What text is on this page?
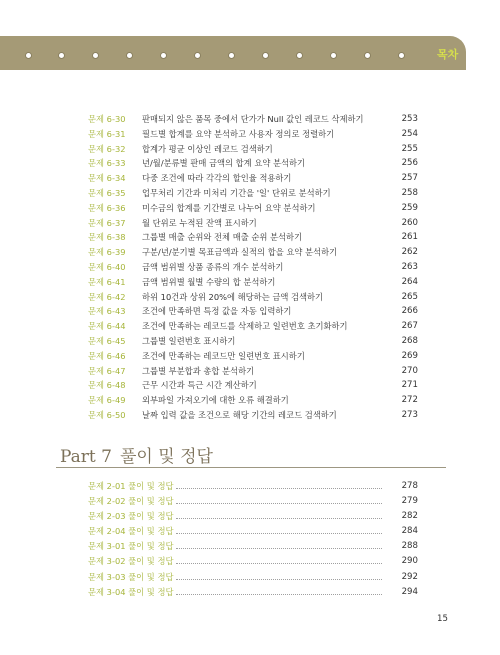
목차
문제 6-30 판매되지 않은 품목 중에서 단가가 Null 값인 레코드 삭제하기	253
문제 6-31 필드별 합계를 요약 분석하고 사용자 정의로 정렬하기	254
문제 6-32 합계가 평균 이상인 레코드 검색하기	255
문제 6-33 년/월/분류별 판매 금액의 합계 요약 분석하기	256
문제 6-34 다중 조건에 따라 각각의 할인율 적용하기	257
문제 6-35 업무처리 기간과 미처리 기간을 '일' 단위로 분석하기	258
문제 6-36 미수금의 합계를 기간별로 나누어 요약 분석하기	259
문제 6-37 월 단위로 누적된 잔액 표시하기	260
문제 6-38 그룹별 매출 순위와 전체 매출 순위 분석하기	261
문제 6-39 구분/년/분기별 목표금액과 실적의 합을 요약 분석하기	262
문제 6-40 금액 범위별 상품 종류의 개수 분석하기	263
문제 6-41 금액 범위별 월별 수량의 합 분석하기	264
문제 6-42 하위 10건과 상위 20%에 해당하는 금액 검색하기	265
문제 6-43 조건에 만족하면 특정 값을 자동 입력하기	266
문제 6-44 조건에 만족하는 레코드를 삭제하고 일련번호 초기화하기	267
문제 6-45 그룹별 일련번호 표시하기	268
문제 6-46 조건에 만족하는 레코드만 일련번호 표시하기	269
문제 6-47 그룹별 부분합과 총합 분석하기	270
문제 6-48 근무 시간과 특근 시간 계산하기	271
문제 6-49 외부파일 가져오기에 대한 오류 해결하기	272
문제 6-50 날짜 입력 값을 조건으로 해당 기간의 레코드 검색하기	273
Part 7 풀이 및 정답
문제 2-01 풀이 및 정답	278
문제 2-02 풀이 및 정답	279
문제 2-03 풀이 및 정답	282
문제 2-04 풀이 및 정답	284
문제 3-01 풀이 및 정답	288
문제 3-02 풀이 및 정답	290
문제 3-03 풀이 및 정답	292
문제 3-04 풀이 및 정답	294
15
